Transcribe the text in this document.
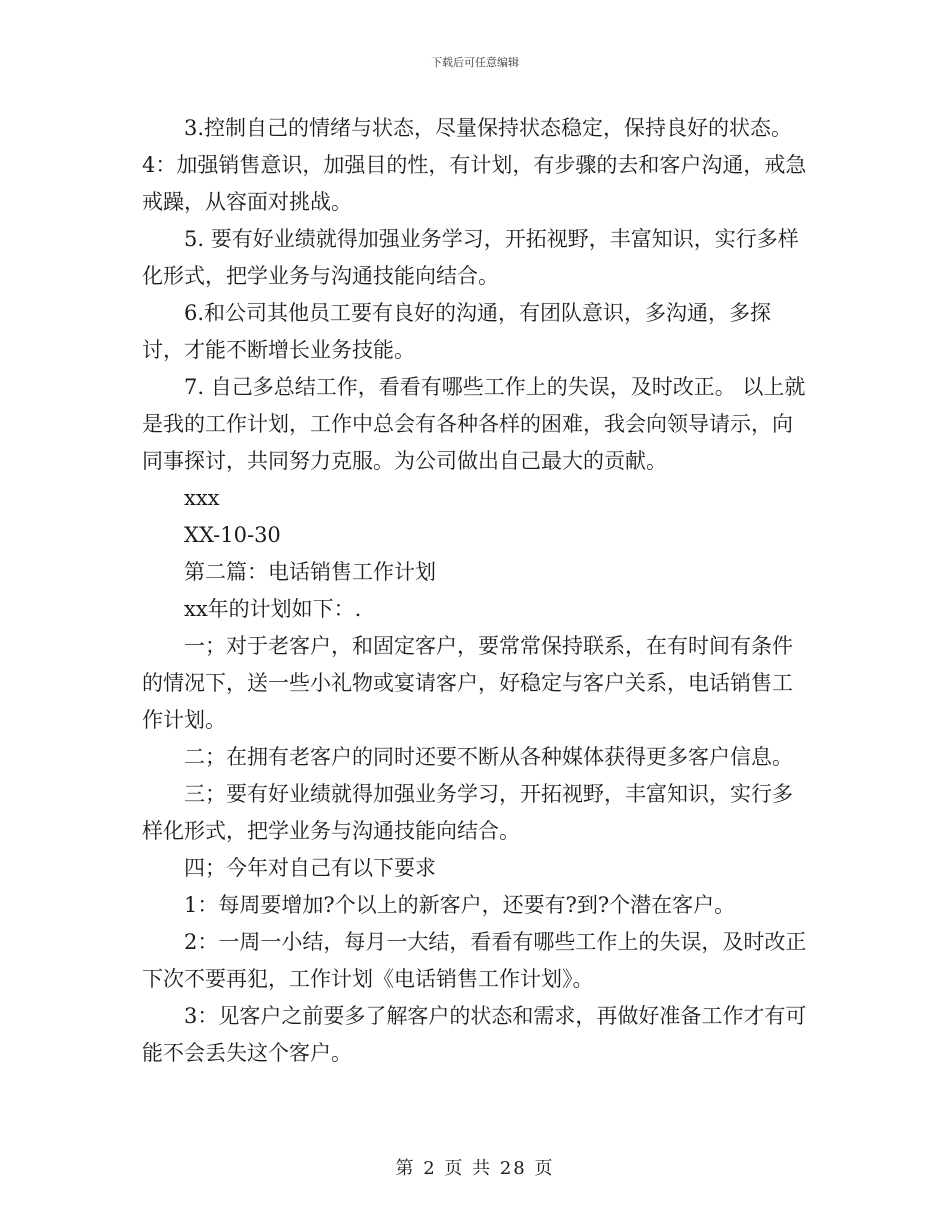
下载后可任意编辑

3.控制自己的情绪与状态，尽量保持状态稳定，保持良好的状态。

4：加强销售意识，加强目的性，有计划，有步骤的去和客户沟通，戒急戒躁，从容面对挑战。

5. 要有好业绩就得加强业务学习，开拓视野，丰富知识，实行多样化形式，把学业务与沟通技能向结合。

6.和公司其他员工要有良好的沟通，有团队意识，多沟通，多探讨，才能不断增长业务技能。

7. 自己多总结工作，看看有哪些工作上的失误，及时改正。 以上就是我的工作计划，工作中总会有各种各样的困难，我会向领导请示，向同事探讨，共同努力克服。为公司做出自己最大的贡献。

xxx

XX-10-30

第二篇：电话销售工作计划

xx年的计划如下：.

一；对于老客户，和固定客户，要常常保持联系，在有时间有条件的情况下，送一些小礼物或宴请客户，好稳定与客户关系，电话销售工作计划。

二；在拥有老客户的同时还要不断从各种媒体获得更多客户信息。

三；要有好业绩就得加强业务学习，开拓视野，丰富知识，实行多样化形式，把学业务与沟通技能向结合。

四；今年对自己有以下要求

1：每周要增加?个以上的新客户，还要有?到?个潜在客户。

2：一周一小结，每月一大结，看看有哪些工作上的失误，及时改正下次不要再犯，工作计划《电话销售工作计划》。

3：见客户之前要多了解客户的状态和需求，再做好准备工作才有可能不会丢失这个客户。

第 2 页 共 28 页
